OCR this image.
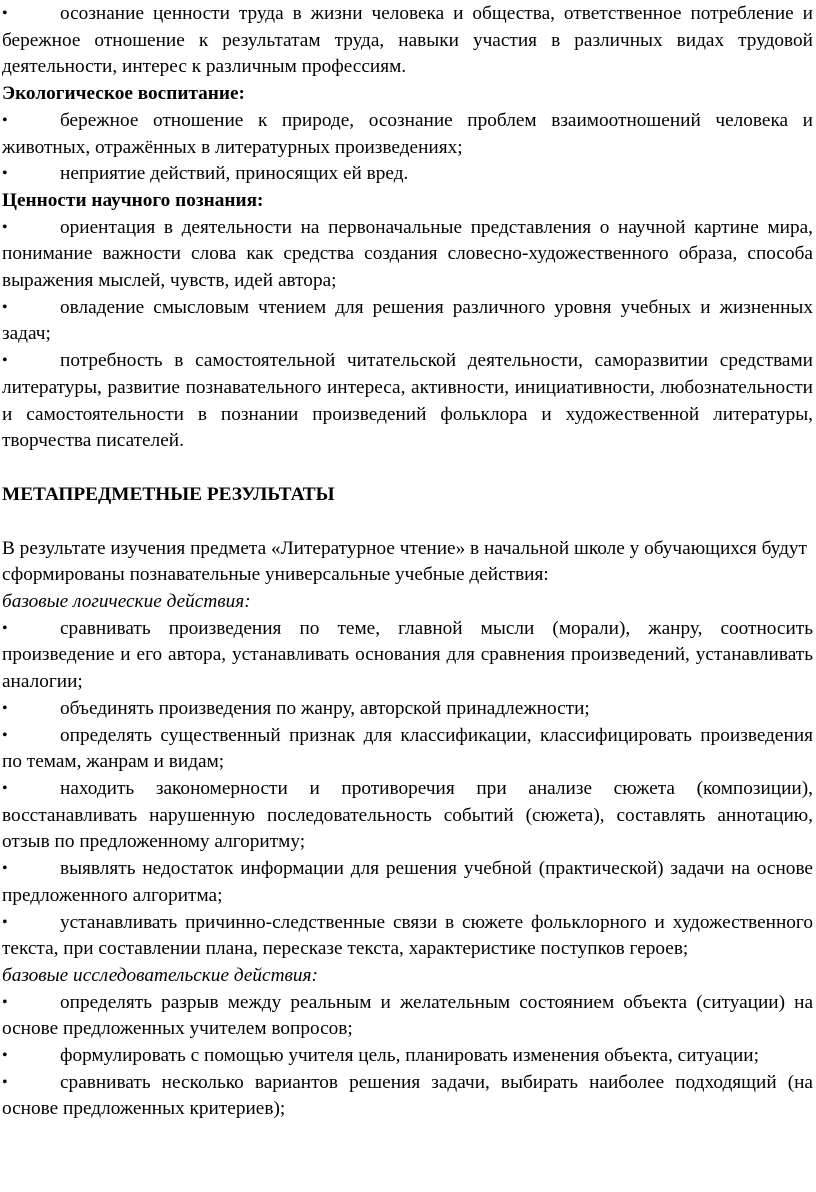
•	осознание ценности труда в жизни человека и общества, ответственное потребление и бережное отношение к результатам труда, навыки участия в различных видах трудовой деятельности, интерес к различным профессиям.

Экологическое воспитание:

•	бережное отношение к природе, осознание проблем взаимоотношений человека и животных, отражённых в литературных произведениях;

•	неприятие действий, приносящих ей вред.

Ценности научного познания:

•	ориентация в деятельности на первоначальные представления о научной картине мира, понимание важности слова как средства создания словесно-художественного образа, способа выражения мыслей, чувств, идей автора;

•	овладение смысловым чтением для решения различного уровня учебных и жизненных задач;

•	потребность в самостоятельной читательской деятельности, саморазвитии средствами литературы, развитие познавательного интереса, активности, инициативности, любознательности и самостоятельности в познании произведений фольклора и художественной литературы, творчества писателей.

МЕТАПРЕДМЕТНЫЕ РЕЗУЛЬТАТЫ

В результате изучения предмета «Литературное чтение» в начальной школе у обучающихся будут сформированы познавательные универсальные учебные действия:

базовые логические действия:

•	сравнивать произведения по теме, главной мысли (морали), жанру, соотносить произведение и его автора, устанавливать основания для сравнения произведений, устанавливать аналогии;

•	объединять произведения по жанру, авторской принадлежности;

•	определять существенный признак для классификации, классифицировать произведения по темам, жанрам и видам;

•	находить закономерности и противоречия при анализе сюжета (композиции), восстанавливать нарушенную последовательность событий (сюжета), составлять аннотацию, отзыв по предложенному алгоритму;

•	выявлять недостаток информации для решения учебной (практической) задачи на основе предложенного алгоритма;

•	устанавливать причинно-следственные связи в сюжете фольклорного и художественного текста, при составлении плана, пересказе текста, характеристике поступков героев;

базовые исследовательские действия:

•	определять разрыв между реальным и желательным состоянием объекта (ситуации) на основе предложенных учителем вопросов;

•	формулировать с помощью учителя цель, планировать изменения объекта, ситуации;

•	сравнивать несколько вариантов решения задачи, выбирать наиболее подходящий (на основе предложенных критериев);
